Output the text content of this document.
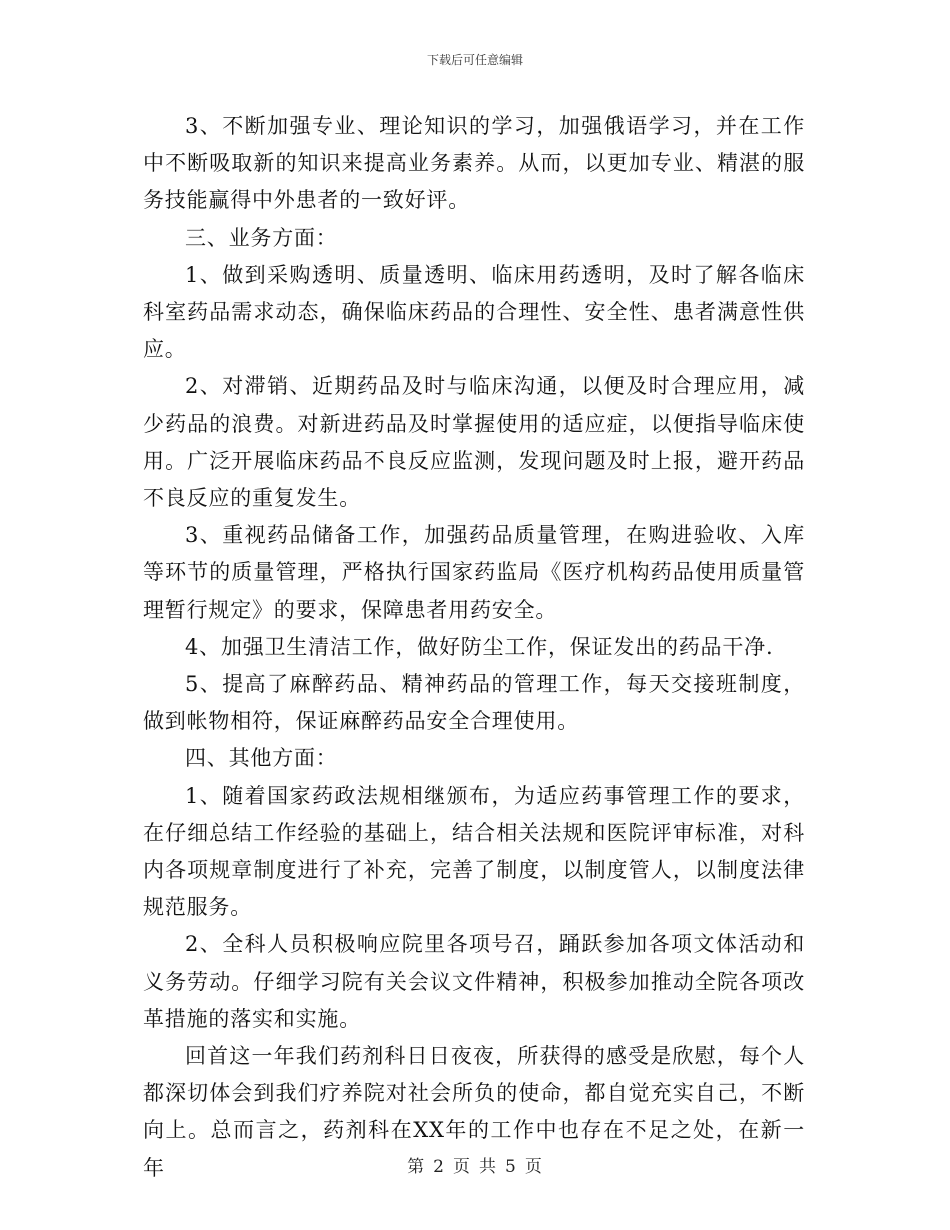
下载后可任意编辑

3、不断加强专业、理论知识的学习，加强俄语学习，并在工作中不断吸取新的知识来提高业务素养。从而，以更加专业、精湛的服务技能赢得中外患者的一致好评。

三、业务方面：

1、做到采购透明、质量透明、临床用药透明，及时了解各临床科室药品需求动态，确保临床药品的合理性、安全性、患者满意性供应。

2、对滞销、近期药品及时与临床沟通，以便及时合理应用，减少药品的浪费。对新进药品及时掌握使用的适应症，以便指导临床使用。广泛开展临床药品不良反应监测，发现问题及时上报，避开药品不良反应的重复发生。

3、重视药品储备工作，加强药品质量管理，在购进验收、入库等环节的质量管理，严格执行国家药监局《医疗机构药品使用质量管理暂行规定》的要求，保障患者用药安全。

4、加强卫生清洁工作，做好防尘工作，保证发出的药品干净.

5、提高了麻醉药品、精神药品的管理工作，每天交接班制度，做到帐物相符，保证麻醉药品安全合理使用。

四、其他方面：

1、随着国家药政法规相继颁布，为适应药事管理工作的要求，在仔细总结工作经验的基础上，结合相关法规和医院评审标准，对科内各项规章制度进行了补充，完善了制度，以制度管人，以制度法律规范服务。

2、全科人员积极响应院里各项号召，踊跃参加各项文体活动和义务劳动。仔细学习院有关会议文件精神，积极参加推动全院各项改革措施的落实和实施。

回首这一年我们药剂科日日夜夜，所获得的感受是欣慰，每个人都深切体会到我们疗养院对社会所负的使命，都自觉充实自己，不断向上。总而言之，药剂科在XX年的工作中也存在不足之处，在新一年	第 2 页 共 5 页
